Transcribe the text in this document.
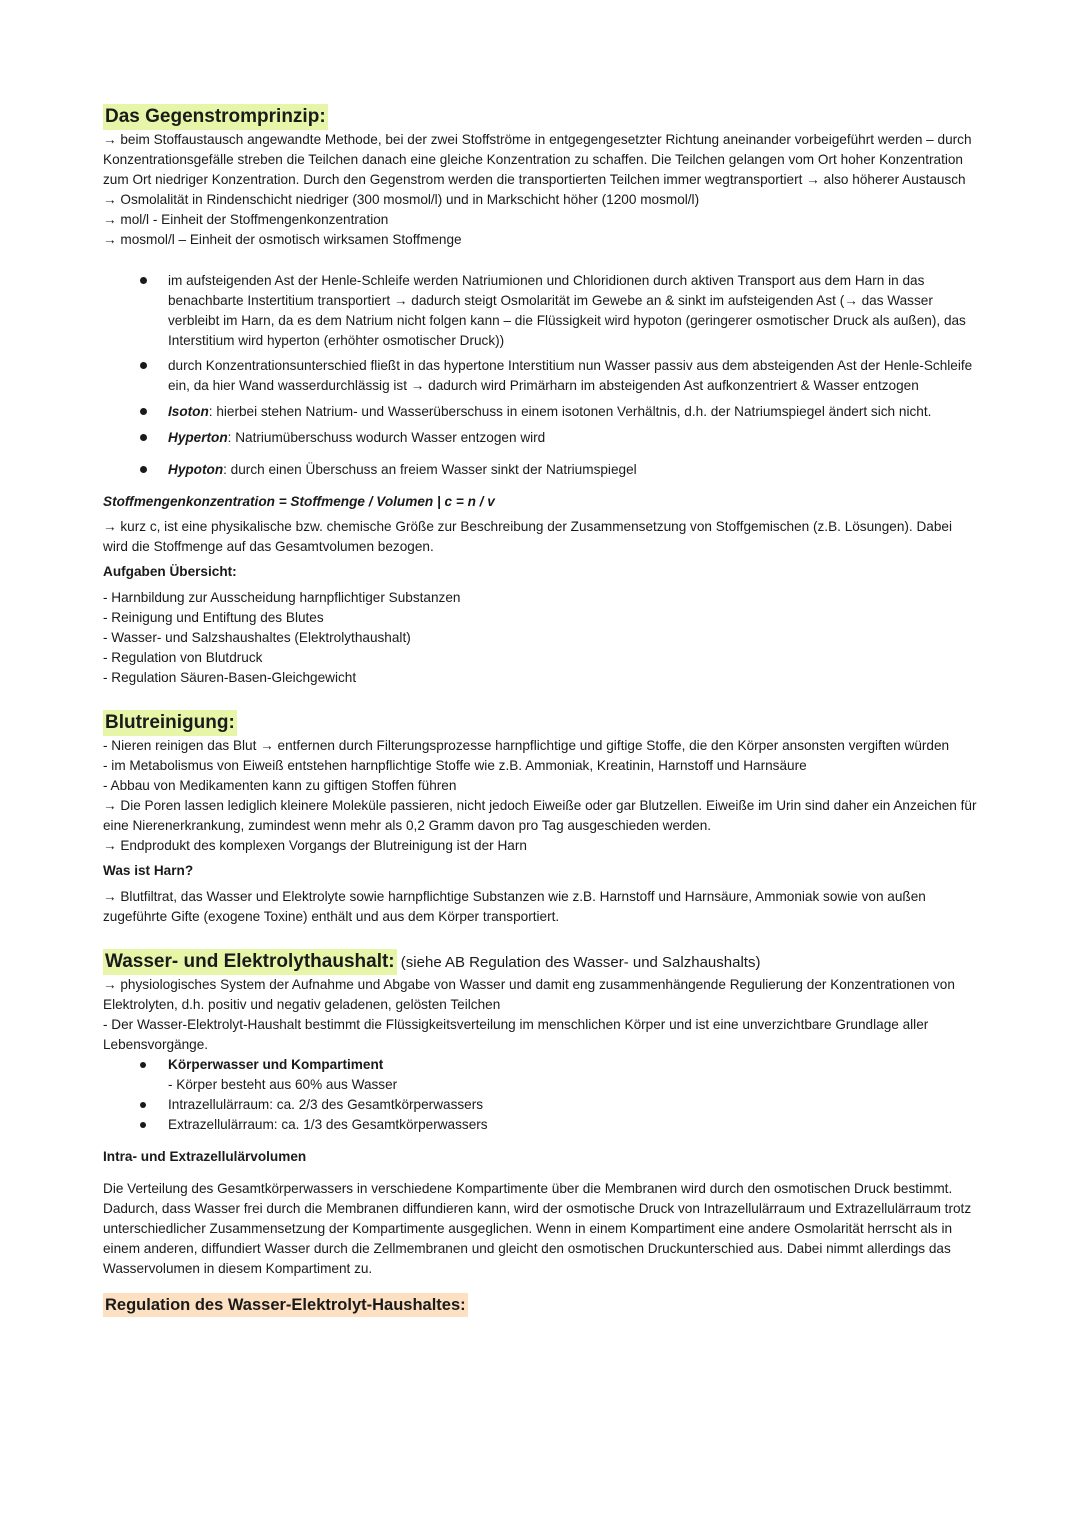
Das Gegenstromprinzip:

→ beim Stoffaustausch angewandte Methode, bei der zwei Stoffströme in entgegengesetzter Richtung aneinander vorbeigeführt werden – durch Konzentrationsgefälle streben die Teilchen danach eine gleiche Konzentration zu schaffen. Die Teilchen gelangen vom Ort hoher Konzentration zum Ort niedriger Konzentration. Durch den Gegenstrom werden die transportierten Teilchen immer wegtransportiert → also höherer Austausch

→ Osmolalität in Rindenschicht niedriger (300 mosmol/l) und in Markschicht höher (1200 mosmol/l)

→ mol/l - Einheit der Stoffmengenkonzentration

→ mosmol/l – Einheit der osmotisch wirksamen Stoffmenge

im aufsteigenden Ast der Henle-Schleife werden Natriumionen und Chloridionen durch aktiven Transport aus dem Harn in das benachbarte Instertitium transportiert → dadurch steigt Osmolarität im Gewebe an & sinkt im aufsteigenden Ast (→ das Wasser verbleibt im Harn, da es dem Natrium nicht folgen kann – die Flüssigkeit wird hypoton (geringerer osmotischer Druck als außen), das Interstitium wird hyperton (erhöhter osmotischer Druck))
durch Konzentrationsunterschied fließt in das hypertone Interstitium nun Wasser passiv aus dem absteigenden Ast der Henle-Schleife ein, da hier Wand wasserdurchlässig ist → dadurch wird Primärharn im absteigenden Ast aufkonzentriert & Wasser entzogen
Isoton: hierbei stehen Natrium- und Wasserüberschuss in einem isotonen Verhältnis, d.h. der Natriumspiegel ändert sich nicht.
Hyperton: Natriumüberschuss wodurch Wasser entzogen wird
Hypoton: durch einen Überschuss an freiem Wasser sinkt der Natriumspiegel

Stoffmengenkonzentration = Stoffmenge / Volumen | c = n / v

→ kurz c, ist eine physikalische bzw. chemische Größe zur Beschreibung der Zusammensetzung von Stoffgemischen (z.B. Lösungen). Dabei wird die Stoffmenge auf das Gesamtvolumen bezogen.

Aufgaben Übersicht:

- Harnbildung zur Ausscheidung harnpflichtiger Substanzen

- Reinigung und Entiftung des Blutes

- Wasser- und Salzshaushaltes (Elektrolythaushalt)

- Regulation von Blutdruck

- Regulation Säuren-Basen-Gleichgewicht

Blutreinigung:

- Nieren reinigen das Blut → entfernen durch Filterungsprozesse harnpflichtige und giftige Stoffe, die den Körper ansonsten vergiften würden

- im Metabolismus von Eiweiß entstehen harnpflichtige Stoffe wie z.B. Ammoniak, Kreatinin, Harnstoff und Harnsäure

- Abbau von Medikamenten kann zu giftigen Stoffen führen

→ Die Poren lassen lediglich kleinere Moleküle passieren, nicht jedoch Eiweiße oder gar Blutzellen. Eiweiße im Urin sind daher ein Anzeichen für eine Nierenerkrankung, zumindest wenn mehr als 0,2 Gramm davon pro Tag ausgeschieden werden.

→ Endprodukt des komplexen Vorgangs der Blutreinigung ist der Harn

Was ist Harn?

→ Blutfiltrat, das Wasser und Elektrolyte sowie harnpflichtige Substanzen wie z.B. Harnstoff und Harnsäure, Ammoniak sowie von außen zugeführte Gifte (exogene Toxine) enthält und aus dem Körper transportiert.

Wasser- und Elektrolythaushalt: (siehe AB Regulation des Wasser- und Salzhaushalts)

→ physiologisches System der Aufnahme und Abgabe von Wasser und damit eng zusammenhängende Regulierung der Konzentrationen von Elektrolyten, d.h. positiv und negativ geladenen, gelösten Teilchen

- Der Wasser-Elektrolyt-Haushalt bestimmt die Flüssigkeitsverteilung im menschlichen Körper und ist eine unverzichtbare Grundlage aller Lebensvorgänge.

Körperwasser und Kompartiment
- Körper besteht aus 60% aus Wasser
Intrazellulärraum: ca. 2/3 des Gesamtkörperwassers
Extrazellulärraum: ca. 1/3 des Gesamtkörperwassers

Intra- und Extrazellulärvolumen

Die Verteilung des Gesamtkörperwassers in verschiedene Kompartimente über die Membranen wird durch den osmotischen Druck bestimmt. Dadurch, dass Wasser frei durch die Membranen diffundieren kann, wird der osmotische Druck von Intrazellulärraum und Extrazellulärraum trotz unterschiedlicher Zusammensetzung der Kompartimente ausgeglichen. Wenn in einem Kompartiment eine andere Osmolarität herrscht als in einem anderen, diffundiert Wasser durch die Zellmembranen und gleicht den osmotischen Druckunterschied aus. Dabei nimmt allerdings das Wasservolumen in diesem Kompartiment zu.

Regulation des Wasser-Elektrolyt-Haushaltes:
